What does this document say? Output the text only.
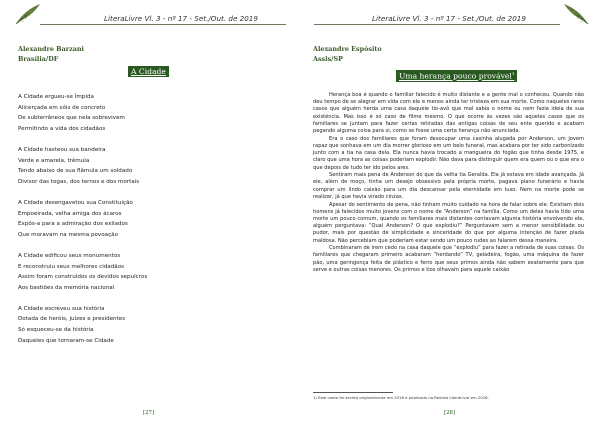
LiteraLivre Vl. 3 - nº 17 - Set./Out. de 2019
Alexandre Barzani
Brasília/DF
A Cidade
A Cidade ergueu-se Ímpida
Alicerçada em sóis de concreto
De subterrâneos que nela sobrevivem
Permitindo a vida dos cidadãos
A Cidade hasteou sua bandeira
Verde e amarela, trêmula
Tendo abaixo de sua flâmula um soldado
Divisor das togas, dos ternos e dos mortais
A Cidade desengavetou sua Constituição
Empoeirada, velha amiga dos ácaros
Expôs-a para a admiração dos exilados
Que moravam na mesma povoação
A Cidade edificou seus monumentos
E reconstruiu seus melhores cidadãos
Assim foram construídos os devidos sepulcros
Aos bastiões da memória nacional
A Cidade escreveu sua história
Dotada de heróis, juízes e presidentes
Só esqueceu-se da história
Daqueles que tornaram-se Cidade
[27]
LiteraLivre Vl. 3 - nº 17 - Set./Out. de 2019
Alexandre Espósito
Assis/SP
Uma herança pouco provável$^1$

Herança boa é quando o familiar falecido é muito distante e a gente mal o conheceu. Quando não deu tempo de se alegrar em vida com ele e menos ainda ter tristeza em sua morte. Como naqueles raros casos que alguém herda uma casa daquele tio-avô que mal sabia o nome ou nem fazia ideia de sua existência. Mas isso é só caso de filme mesmo. O que ocorre às vezes são aqueles casos que os familiares se juntam para fazer certas retiradas das antigas coisas de seu ente querido e acabam pegando alguma coisa para si, como se fosse uma certa herança não anunciada.

Era o caso dos familiares que foram desocupar uma casinha alugada por Anderson, um jovem rapaz que sonhava em um dia morrer glorioso em um belo funeral, mas acabara por ter sido carbonizado junto com a tia na casa dela. Ela nunca havia trocado a mangueira do fogão que tinha desde 1975, e claro que uma hora as coisas poderiam explodir. Não dava para distinguir quem era quem ou o que era o que depois de tudo ter ido pelos ares.

Sentiram mais pena de Anderson do que da velha tia Geralda. Ela já estava em idade avançada. Já ele, além de moço, tinha um desejo obsessivo pela própria morte, pagava plano funerário e havia comprar um lindo caixão para um dia descansar pela eternidade em luxo. Nem na morte pode se realizar, já que havia virado cinzas.

Apesar do sentimento de pena, não tinham muito cuidado na hora de falar sobre ele. Existiam dois homens já falecidos muito jovens com o nome de “Anderson” na família. Como um deles havia tido uma morte um pouco comum, quando os familiares mais distantes contavam alguma história envolvendo ele, alguém perguntava: “Qual Anderson? O que explodiu?” Perguntavam sem a menor sensibilidade ou pudor, mais por questão de simplicidade e sinceridade do que por alguma intenção de fazer piada maldosa. Não percebiam que poderiam estar sendo um pouco rudes ao falarem dessa maneira.

Combinaram de irem cedo na casa daquele que “explodiu” para fazer a retirada de suas coisas. Os familiares que chegaram primeiro acabaram “herdando” TV, geladeira, fogão, uma máquina de fazer pão, uma geringonça feita de plástico e ferro que seus primos ainda não sabem exatamente para que serve e outras coisas menores. Os primos e tios olhavam para aquele caixão

1) Este conto foi escrito originalmente em 2016 e publicado na Revista LiteraLivre em 2016.
[28]
